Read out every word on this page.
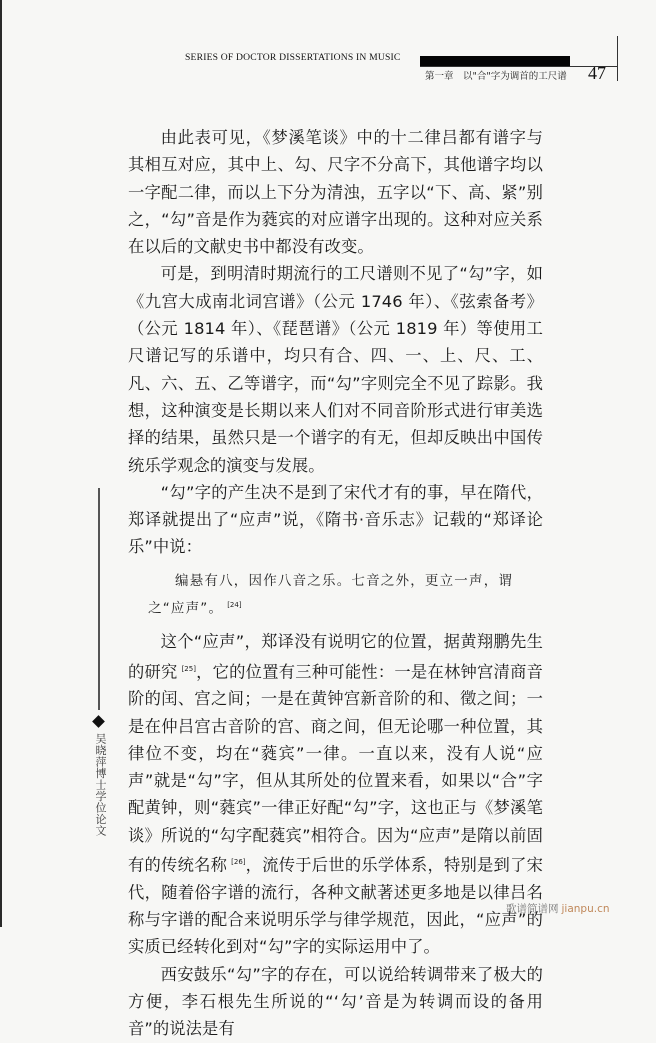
SERIES OF DOCTOR DISSERTATIONS IN MUSIC
第一章　以"合"字为调首的工尺谱 47

由此表可见，《梦溪笔谈》中的十二律吕都有谱字与其相互对应，其中上、勾、尺字不分高下，其他谱字均以一字配二律，而以上下分为清浊，五字以“下、高、紧”别之，“勾”音是作为蕤宾的对应谱字出现的。这种对应关系在以后的文献史书中都没有改变。

可是，到明清时期流行的工尺谱则不见了“勾”字，如《九宫大成南北词宫谱》（公元 1746 年）、《弦索备考》（公元 1814 年）、《琵琶谱》（公元 1819 年）等使用工尺谱记写的乐谱中，均只有合、四、一、上、尺、工、凡、六、五、乙等谱字，而“勾”字则完全不见了踪影。我想，这种演变是长期以来人们对不同音阶形式进行审美选择的结果，虽然只是一个谱字的有无，但却反映出中国传统乐学观念的演变与发展。

“勾”字的产生决不是到了宋代才有的事，早在隋代，郑译就提出了“应声”说，《隋书·音乐志》记载的“郑译论乐”中说：

编悬有八，因作八音之乐。七音之外，更立一声，谓之“应声”。 [24]

这个“应声”，郑译没有说明它的位置，据黄翔鹏先生的研究 [25]，它的位置有三种可能性：一是在林钟宫清商音阶的闰、宫之间；一是在黄钟宫新音阶的和、徵之间；一是在仲吕宫古音阶的宫、商之间，但无论哪一种位置，其律位不变，均在“蕤宾”一律。一直以来，没有人说“应声”就是“勾”字，但从其所处的位置来看，如果以“合”字配黄钟，则“蕤宾”一律正好配“勾”字，这也正与《梦溪笔谈》所说的“勾字配蕤宾”相符合。因为“应声”是隋以前固有的传统名称 [26]，流传于后世的乐学体系，特别是到了宋代，随着俗字谱的流行，各种文献著述更多地是以律吕名称与字谱的配合来说明乐学与律学规范，因此，“应声”的实质已经转化到对“勾”字的实际运用中了。

西安鼓乐“勾”字的存在，可以说给转调带来了极大的方便，李石根先生所说的“‘勾’音是为转调而设的备用音”的说法是有

吴晓萍博士学位论文
歌谱简谱网 jianpu.cn
